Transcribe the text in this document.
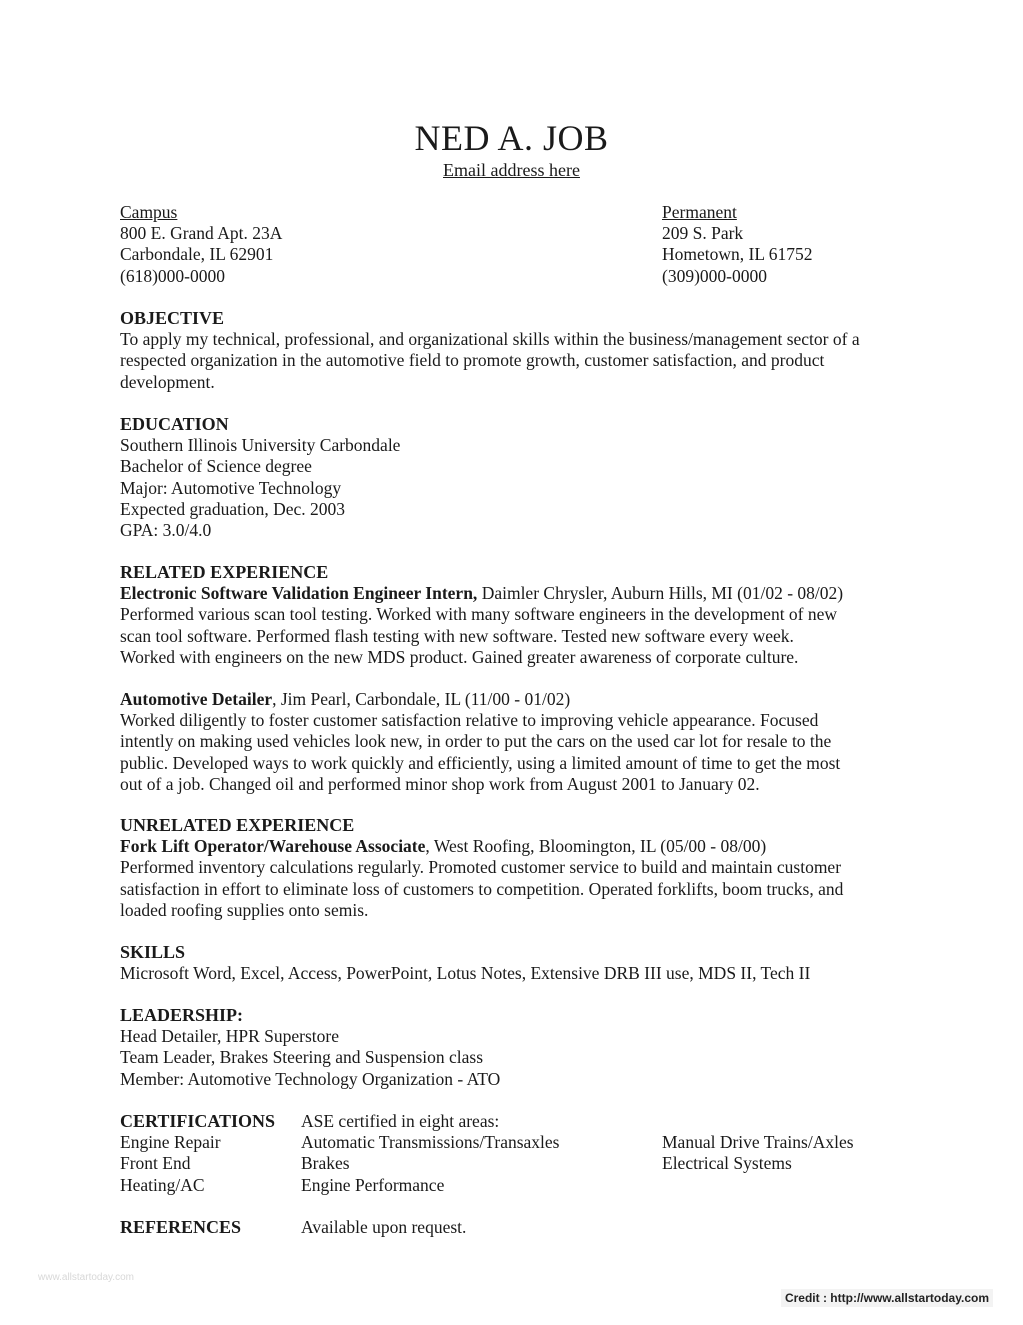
NED A. JOB
Email address here
Campus
800 E. Grand Apt. 23A
Carbondale, IL 62901
(618)000-0000
Permanent
209 S. Park
Hometown, IL 61752
(309)000-0000
OBJECTIVE
To apply my technical, professional, and organizational skills within the business/management sector of a
respected organization in the automotive field to promote growth, customer satisfaction, and product
development.
EDUCATION
Southern Illinois University Carbondale
Bachelor of Science degree
Major: Automotive Technology
Expected graduation, Dec. 2003
GPA: 3.0/4.0
RELATED EXPERIENCE
Electronic Software Validation Engineer Intern, Daimler Chrysler, Auburn Hills, MI (01/02 - 08/02)
Performed various scan tool testing. Worked with many software engineers in the development of new
scan tool software. Performed flash testing with new software. Tested new software every week.
Worked with engineers on the new MDS product. Gained greater awareness of corporate culture.
Automotive Detailer, Jim Pearl, Carbondale, IL (11/00 - 01/02)
Worked diligently to foster customer satisfaction relative to improving vehicle appearance. Focused
intently on making used vehicles look new, in order to put the cars on the used car lot for resale to the
public. Developed ways to work quickly and efficiently, using a limited amount of time to get the most
out of a job. Changed oil and performed minor shop work from August 2001 to January 02.
UNRELATED EXPERIENCE
Fork Lift Operator/Warehouse Associate, West Roofing, Bloomington, IL (05/00 - 08/00)
Performed inventory calculations regularly. Promoted customer service to build and maintain customer
satisfaction in effort to eliminate loss of customers to competition. Operated forklifts, boom trucks, and
loaded roofing supplies onto semis.
SKILLS
Microsoft Word, Excel, Access, PowerPoint, Lotus Notes, Extensive DRB III use, MDS II, Tech II
LEADERSHIP:
Head Detailer, HPR Superstore
Team Leader, Brakes Steering and Suspension class
Member: Automotive Technology Organization - ATO
CERTIFICATIONS
Engine Repair
Front End
Heating/AC
ASE certified in eight areas:
Automatic Transmissions/Transaxles
Brakes
Engine Performance
Manual Drive Trains/Axles
Electrical Systems
REFERENCES	Available upon request.
www.allstartoday.com
Credit : http://www.allstartoday.com
